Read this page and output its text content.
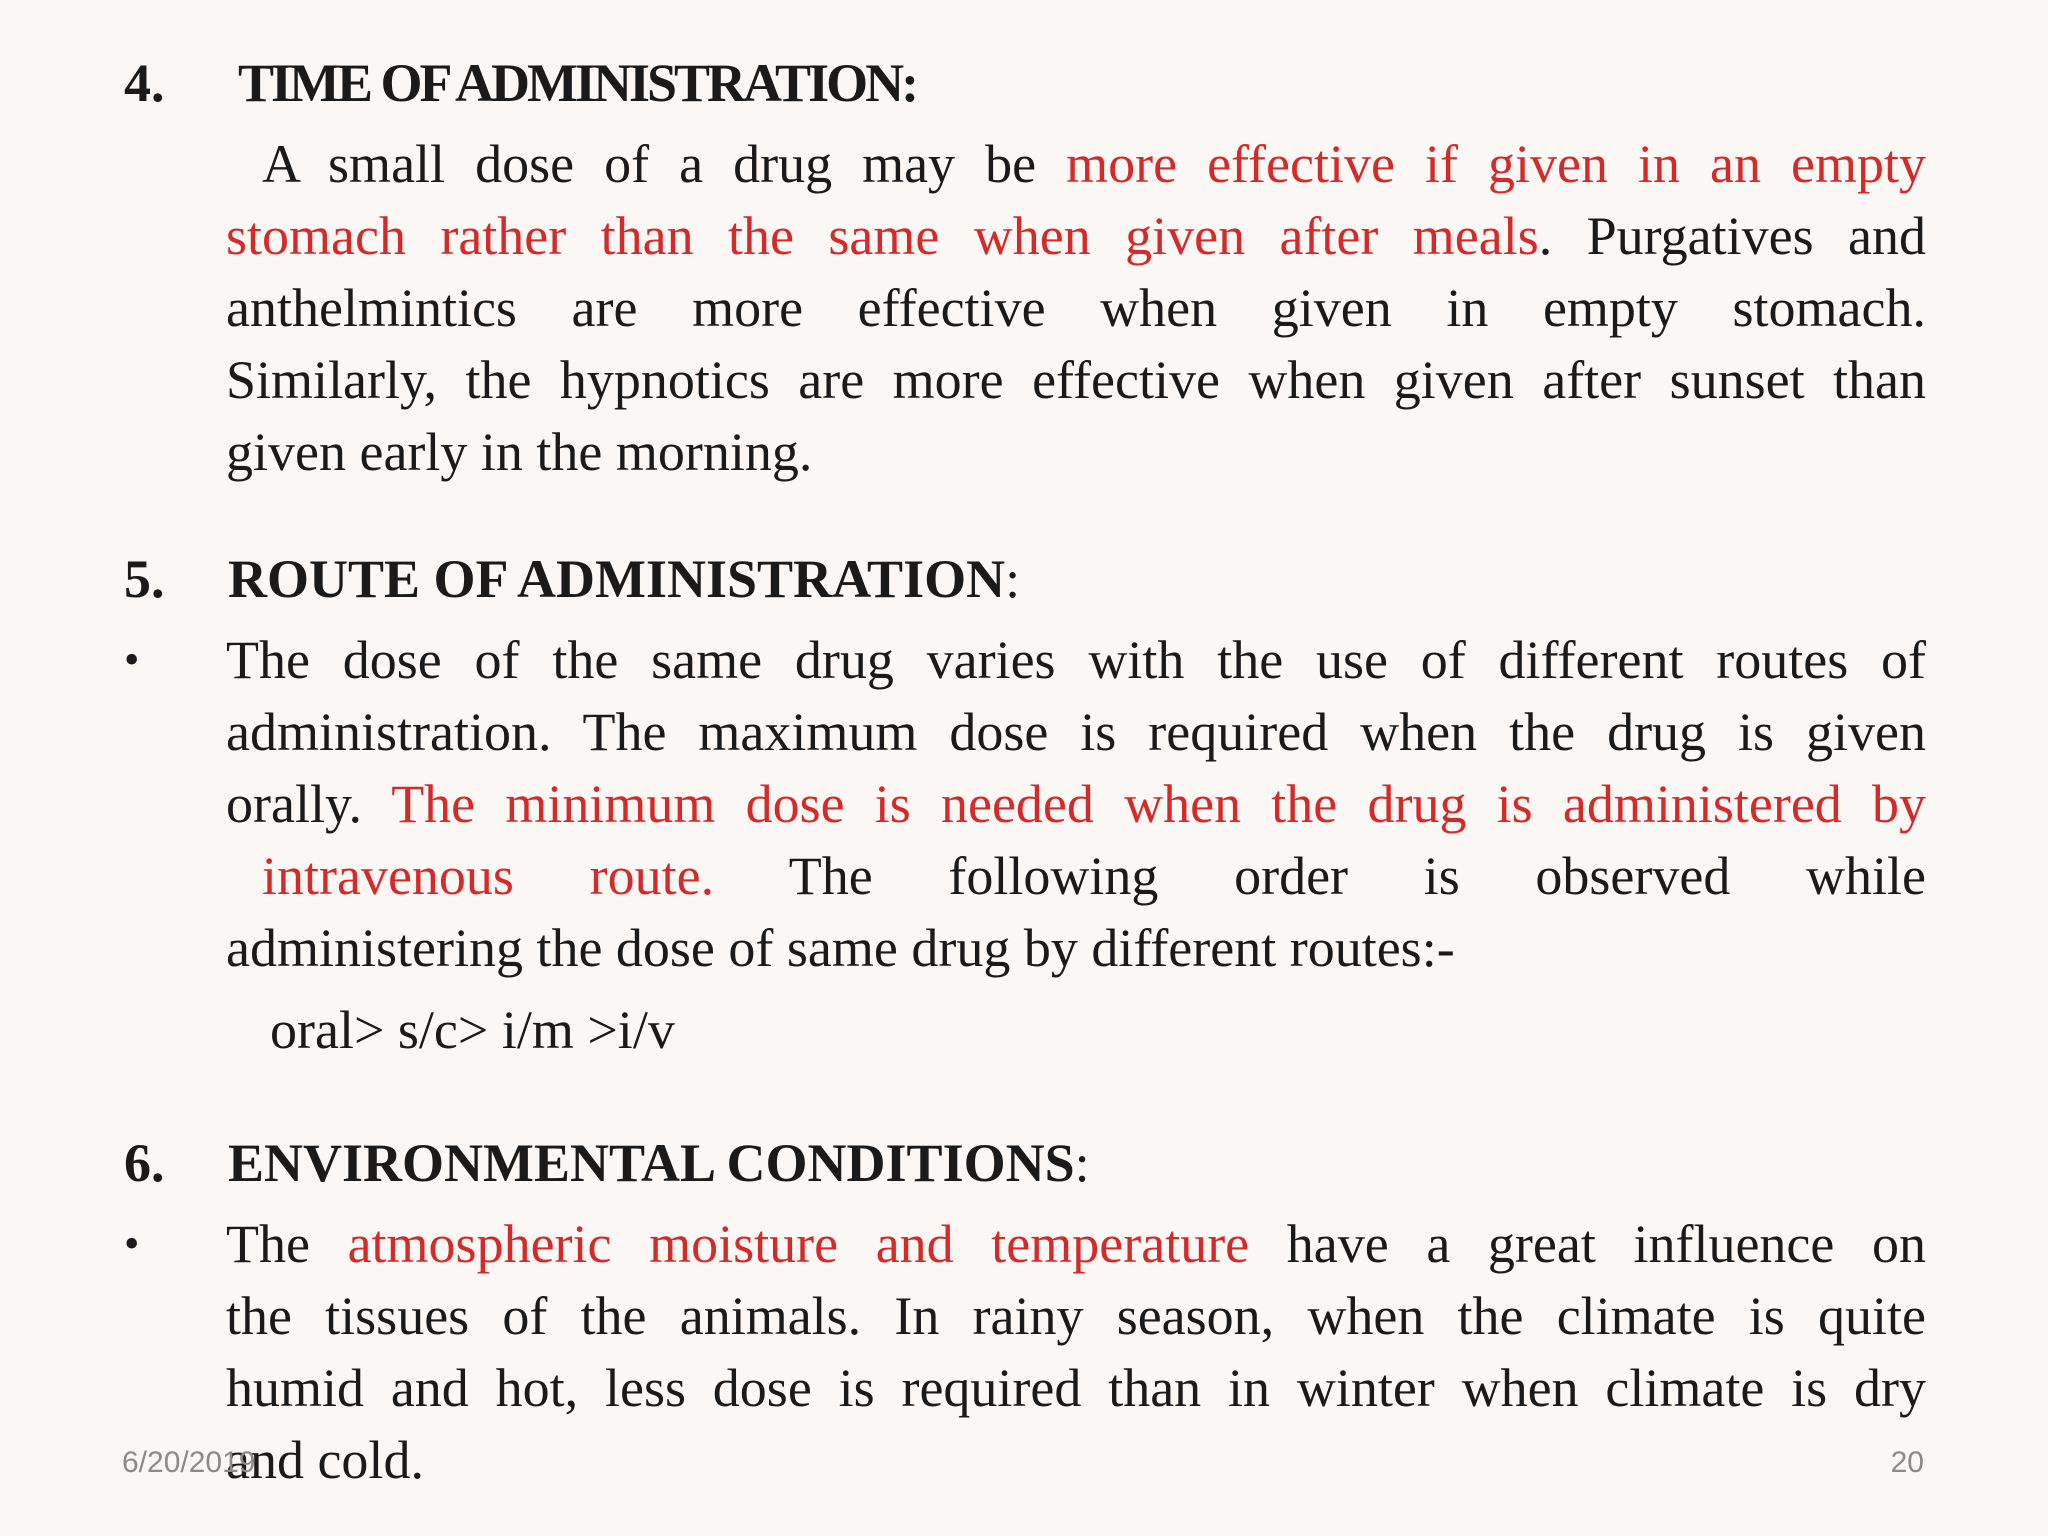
4. TIME OF ADMINISTRATION:
A small dose of a drug may be more effective if given in an empty
stomach rather than the same when given after meals. Purgatives and
anthelmintics are more effective when given in empty stomach.
Similarly, the hypnotics are more effective when given after sunset than
given early in the morning.
5. ROUTE OF ADMINISTRATION:
• The dose of the same drug varies with the use of different routes of
administration. The maximum dose is required when the drug is given
orally. The minimum dose is needed when the drug is administered by
intravenous route. The following order is observed while
administering the dose of same drug by different routes:-
oral> s/c> i/m >i/v
6. ENVIRONMENTAL CONDITIONS:
• The atmospheric moisture and temperature have a great influence on
the tissues of the animals. In rainy season, when the climate is quite
humid and hot, less dose is required than in winter when climate is dry
and cold.
6/20/2019	20
